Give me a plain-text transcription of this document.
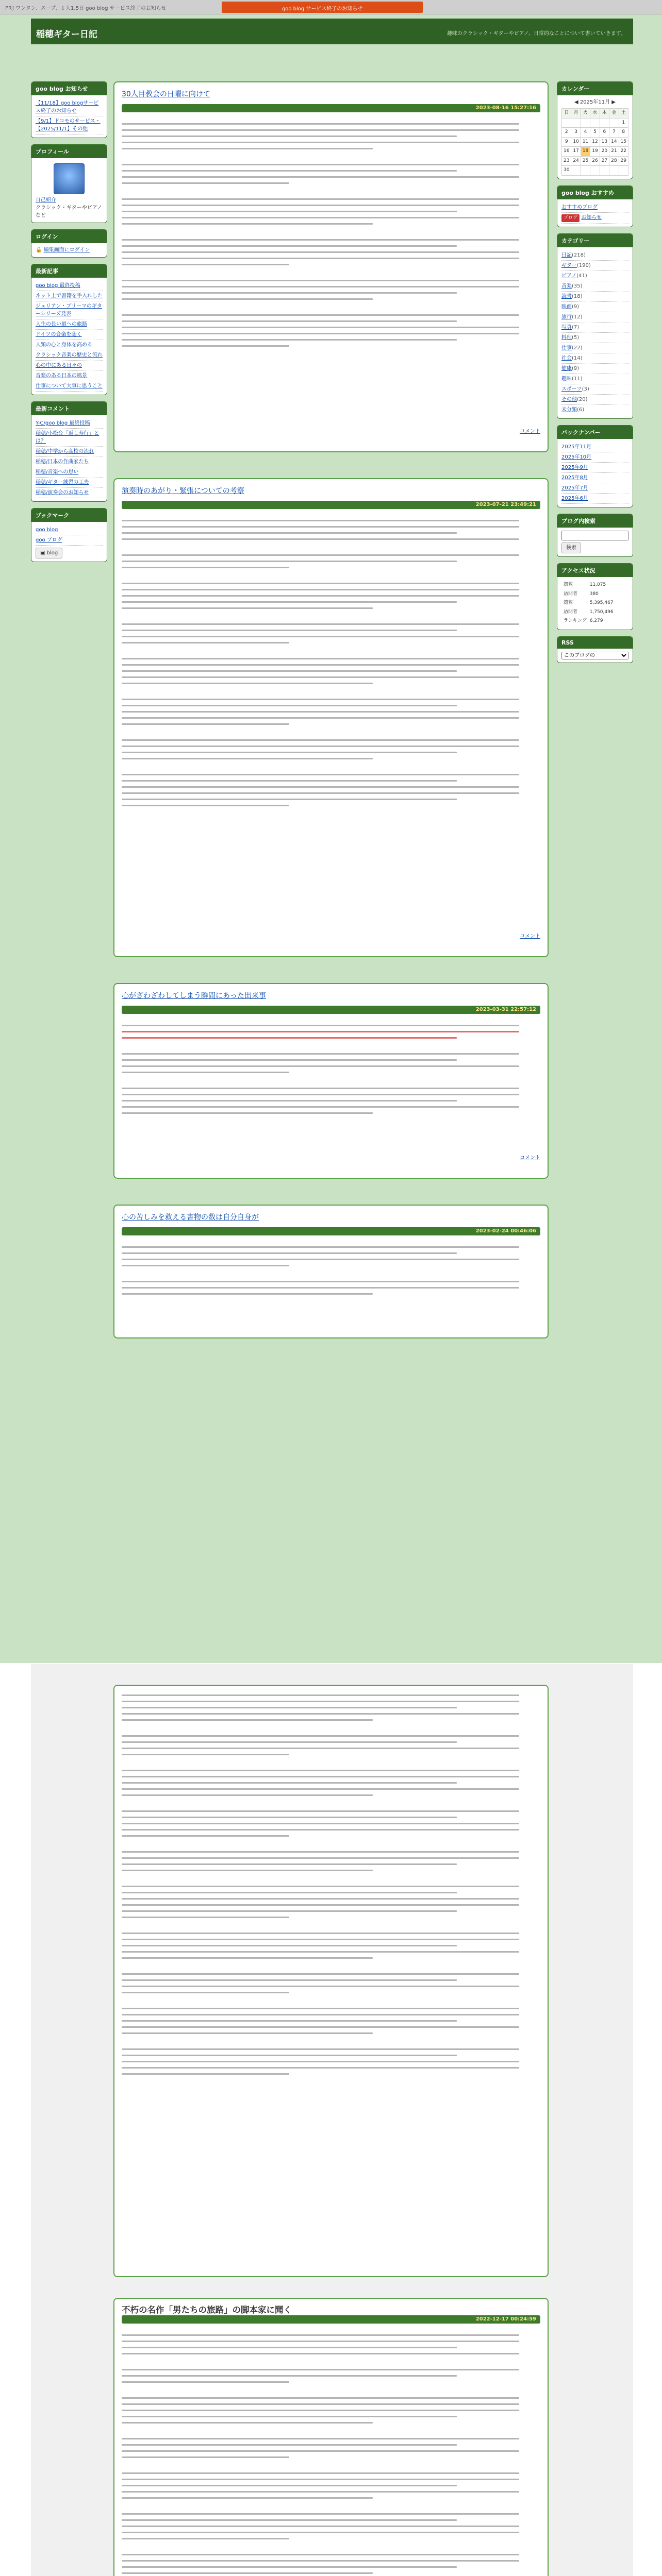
PR] ワンタン、スープ、１人1.5日 goo blog サービス終了のお知らせ	goo blog サービス終了のお知らせ
稲穂ギター日記	趣味のクラシック・ギターやピアノ、日常的なことについて書いていきます。
goo blog お知らせ
【11/18】goo blogサービス終了のお知らせ
【9/1】ドコモのサービス・【2025/11/1】その他
プロフィール
自己紹介
クラシック・ギターやピアノなど
ログイン
🔒 編集画面にログイン
最新記事
goo blog 最終投稿
ネット上で書籍を手入れした
ジュリアン・ブリーマのギターシリーズ発表
人生の長い道への旅路
ドイツの音楽を聴く
人類の心と身体を高める
クラシック音楽の歴史と流れ
心の中にある日々の
音楽のある日本の風景
仕事について大事に思うこと
最新コメント
Y-C/goo blog 最終投稿
稲穂/小松台「返し寿行」とは？
稲穂/中学から高校の流れ
稲穂/日本の作曲家たち
稲穂/音楽への思い
稲穂/ギター練習の工夫
稲穂/演奏会のお知らせ
ブックマーク
goo blog
goo ブログ
▣ blog
30人目教会の日曜に向けて
2023-08-16 15:27:16
コメント
演奏時のあがり・緊張についての考察
2023-07-21 23:49:21
コメント
心がざわざわしてしまう瞬間にあった出来事
2023-03-31 22:57:12
コメント
心の苦しみを救える書物の数は自分自身が
2023-02-24 00:46:06
カレンダー
◀ 2025年11月 ▶
日	月	火	水	木	金	土
						1
2	3	4	5	6	7	8
9	10	11	12	13	14	15
16	17	18	19	20	21	22
23	24	25	26	27	28	29
30						
goo blog おすすめ
おすすめブログ
ブログ お知らせ
カテゴリー
日記(218)
ギター(190)
ピアノ(41)
音楽(35)
読書(18)
映画(9)
旅行(12)
写真(7)
料理(5)
仕事(22)
社会(14)
健康(9)
趣味(11)
スポーツ(3)
その他(20)
未分類(6)
バックナンバー
2025年11月
2025年10月
2025年9月
2025年8月
2025年7月
2025年6月
ブログ内検索
検索
アクセス状況
閲覧	11,075
訪問者	380
閲覧	5,395,467
訪問者	1,750,496
ランキング	6,279
RSS
このブログの
不朽の名作「男たちの旅路」の脚本家に聞く
2022-12-17 00:24:59
